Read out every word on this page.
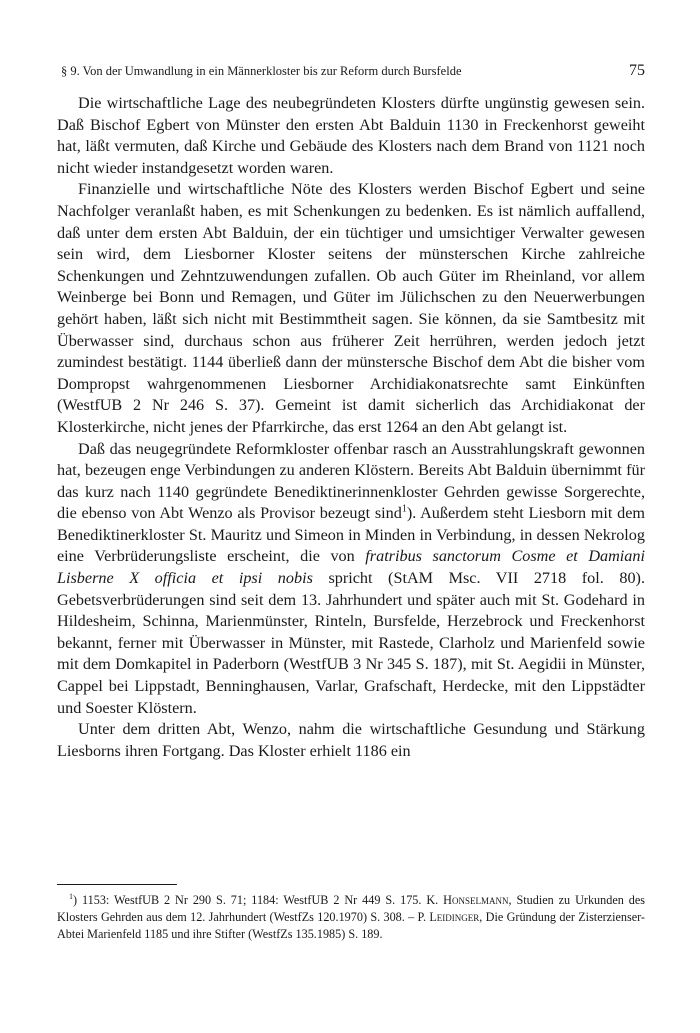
§ 9. Von der Umwandlung in ein Männerkloster bis zur Reform durch Bursfelde	75

Die wirtschaftliche Lage des neubegründeten Klosters dürfte ungünstig gewesen sein. Daß Bischof Egbert von Münster den ersten Abt Balduin 1130 in Freckenhorst geweiht hat, läßt vermuten, daß Kirche und Gebäude des Klosters nach dem Brand von 1121 noch nicht wieder instandgesetzt worden waren.

Finanzielle und wirtschaftliche Nöte des Klosters werden Bischof Egbert und seine Nachfolger veranlaßt haben, es mit Schenkungen zu bedenken. Es ist nämlich auffallend, daß unter dem ersten Abt Balduin, der ein tüchtiger und umsichtiger Verwalter gewesen sein wird, dem Liesborner Kloster seitens der münsterschen Kirche zahlreiche Schenkungen und Zehntzuwendungen zufallen. Ob auch Güter im Rheinland, vor allem Weinberge bei Bonn und Remagen, und Güter im Jülichschen zu den Neuerwerbungen gehört haben, läßt sich nicht mit Bestimmtheit sagen. Sie können, da sie Samtbesitz mit Überwasser sind, durchaus schon aus früherer Zeit herrühren, werden jedoch jetzt zumindest bestätigt. 1144 überließ dann der münstersche Bischof dem Abt die bisher vom Dompropst wahrgenommenen Liesborner Archidiakonatsrechte samt Einkünften (WestfUB 2 Nr 246 S. 37). Gemeint ist damit sicherlich das Archidiakonat der Klosterkirche, nicht jenes der Pfarrkirche, das erst 1264 an den Abt gelangt ist.

Daß das neugegründete Reformkloster offenbar rasch an Ausstrahlungskraft gewonnen hat, bezeugen enge Verbindungen zu anderen Klöstern. Bereits Abt Balduin übernimmt für das kurz nach 1140 gegründete Benediktinerinnenkloster Gehrden gewisse Sorgerechte, die ebenso von Abt Wenzo als Provisor bezeugt sind$^1$). Außerdem steht Liesborn mit dem Benediktinerkloster St. Mauritz und Simeon in Minden in Verbindung, in dessen Nekrolog eine Verbrüderungsliste erscheint, die von fratribus sanctorum Cosme et Damiani Lisberne X officia et ipsi nobis spricht (StAM Msc. VII 2718 fol. 80). Gebetsverbrüderungen sind seit dem 13. Jahrhundert und später auch mit St. Godehard in Hildesheim, Schinna, Marienmünster, Rinteln, Bursfelde, Herzebrock und Freckenhorst bekannt, ferner mit Überwasser in Münster, mit Rastede, Clarholz und Marienfeld sowie mit dem Domkapitel in Paderborn (WestfUB 3 Nr 345 S. 187), mit St. Aegidii in Münster, Cappel bei Lippstadt, Benninghausen, Varlar, Grafschaft, Herdecke, mit den Lippstädter und Soester Klöstern.

Unter dem dritten Abt, Wenzo, nahm die wirtschaftliche Gesundung und Stärkung Liesborns ihren Fortgang. Das Kloster erhielt 1186 ein

$^1$) 1153: WestfUB 2 Nr 290 S. 71; 1184: WestfUB 2 Nr 449 S. 175. K. Honselmann, Studien zu Urkunden des Klosters Gehrden aus dem 12. Jahrhundert (WestfZs 120.1970) S. 308. – P. Leidinger, Die Gründung der Zisterzienser-Abtei Marienfeld 1185 und ihre Stifter (WestfZs 135.1985) S. 189.
